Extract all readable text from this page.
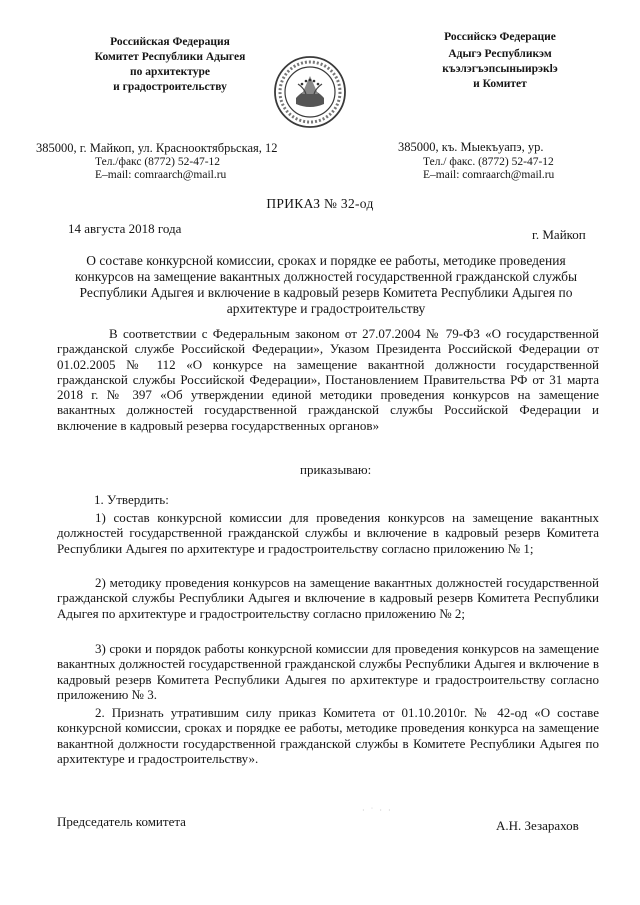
Российская Федерация
Комитет Республики Адыгея
по архитектуре
и градостроительству
385000, г. Майкоп, ул. Краснооктябрьская, 12
Тел./факс (8772) 52-47-12
E–mail: comraarch@mail.ru
Российскэ Федерацие
Адыгэ Республикэм
къэлэгъэпсыныирэкlэ
и Комитет
385000, къ. Мыекъуапэ, ур.
Тел./ факс. (8772) 52-47-12
E–mail: comraarch@mail.ru
ПРИКАЗ № 32-од
14 августа 2018 года	г. Майкоп
О составе конкурсной комиссии, сроках и порядке ее работы, методике проведения конкурсов на замещение вакантных должностей государственной гражданской службы Республики Адыгея и включение в кадровый резерв Комитета Республики Адыгея по архитектуре и градостроительству
В соответствии с Федеральным законом от 27.07.2004 № 79-ФЗ «О государственной гражданской службе Российской Федерации», Указом Президента Российской Федерации от 01.02.2005 № 112 «О конкурсе на замещение вакантной должности государственной гражданской службы Российской Федерации», Постановлением Правительства РФ от 31 марта 2018 г. № 397 «Об утверждении единой методики проведения конкурсов на замещение вакантных должностей государственной гражданской службы Российской Федерации и включение в кадровый резерва государственных органов»
приказываю:
1. Утвердить:
1) состав конкурсной комиссии для проведения конкурсов на замещение вакантных должностей государственной гражданской службы и включение в кадровый резерв Комитета Республики Адыгея по архитектуре и градостроительству согласно приложению № 1;
2) методику проведения конкурсов на замещение вакантных должностей государственной гражданской службы Республики Адыгея и включение в кадровый резерв Комитета Республики Адыгея по архитектуре и градостроительству согласно приложению № 2;
3) сроки и порядок работы конкурсной комиссии для проведения конкурсов на замещение вакантных должностей государственной гражданской службы Республики Адыгея и включение в кадровый резерв Комитета Республики Адыгея по архитектуре и градостроительству согласно приложению № 3.
2. Признать утратившим силу приказ Комитета от 01.10.2010г. № 42-од «О составе конкурсной комиссии, сроках и порядке ее работы, методике проведения конкурса на замещение вакантной должности государственной гражданской службы в Комитете Республики Адыгея по архитектуре и градостроительству».
Председатель комитета
· ˙ · ·
А.Н. Зезарахов
